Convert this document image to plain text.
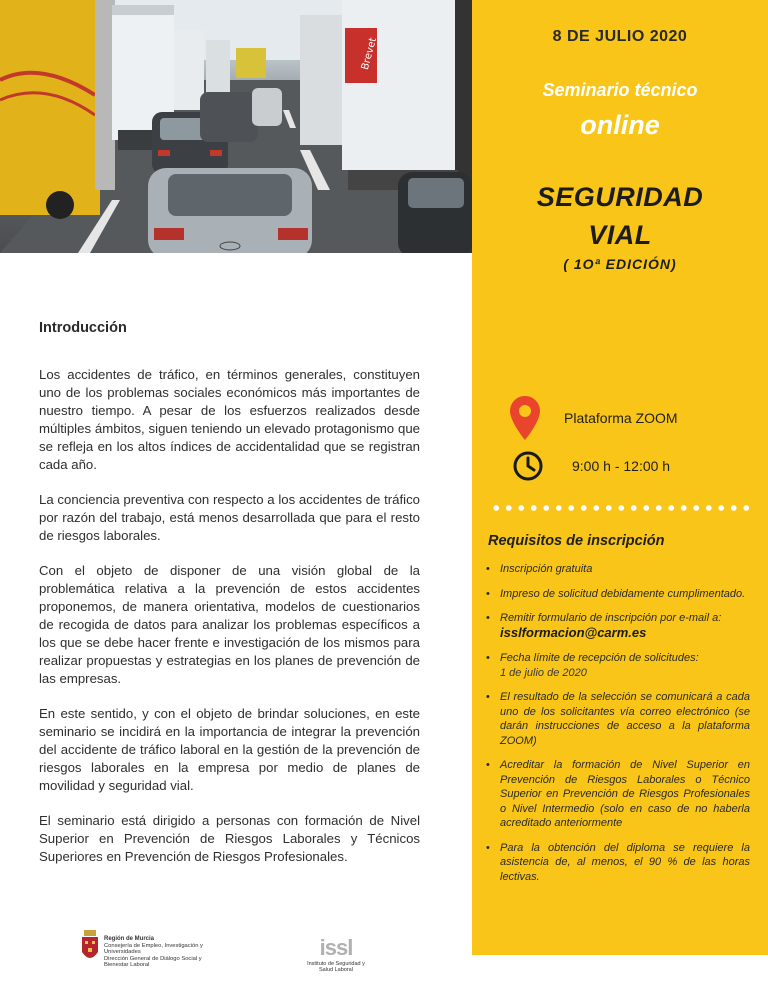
Brevet	8 DE JULIO 2020
Seminario técnico
online
SEGURIDAD
VIAL
( 1Oª EDICIÓN)
Plataforma ZOOM
9:00 h - 12:00 h
Requisitos de inscripción
• Inscripción gratuita
• Impreso de solicitud debidamente cumplimentado.
• Remitir formulario de inscripción por e-mail a: isslformacion@carm.es
• Fecha límite de recepción de solicitudes:
1 de julio de 2020
• El resultado de la selección se comunicará a cada uno de los solicitantes vía correo electrónico (se darán instrucciones de acceso a la plataforma ZOOM)
• Acreditar la formación de Nivel Superior en Prevención de Riesgos Laborales o Técnico Superior en Prevención de Riesgos Profesionales o Nivel Intermedio (solo en caso de no haberla acreditado anteriormente
• Para la obtención del diploma se requiere la asistencia de, al menos, el 90 % de las horas lectivas.
Introducción

Los accidentes de tráfico, en términos generales, constituyen uno de los problemas sociales económicos más importantes de nuestro tiempo. A pesar de los esfuerzos realizados desde múltiples ámbitos, siguen teniendo un elevado protagonismo que se refleja en los altos índices de accidentalidad que se registran cada año.

La conciencia preventiva con respecto a los accidentes de tráfico por razón del trabajo, está menos desarrollada que para el resto de riesgos laborales.

Con el objeto de disponer de una visión global de la problemática relativa a la prevención de estos accidentes proponemos, de manera orientativa, modelos de cuestionarios de recogida de datos para analizar los problemas específicos a los que se debe hacer frente e investigación de los mismos para realizar propuestas y estrategias en los planes de prevención de las empresas.

En este sentido, y con el objeto de brindar soluciones, en este seminario se incidirá en la importancia de integrar la prevención del accidente de tráfico laboral en la gestión de la prevención de riesgos laborales en la empresa por medio de planes de movilidad y seguridad vial.

El seminario está dirigido a personas con formación de Nivel Superior en Prevención de Riesgos Laborales y Técnicos Superiores en Prevención de Riesgos Profesionales.

Región de Murcia
Consejería de Empleo, Investigación y Universidades
Dirección General de Diálogo Social y Bienestar Laboral
issl
Instituto de Seguridad y Salud Laboral
